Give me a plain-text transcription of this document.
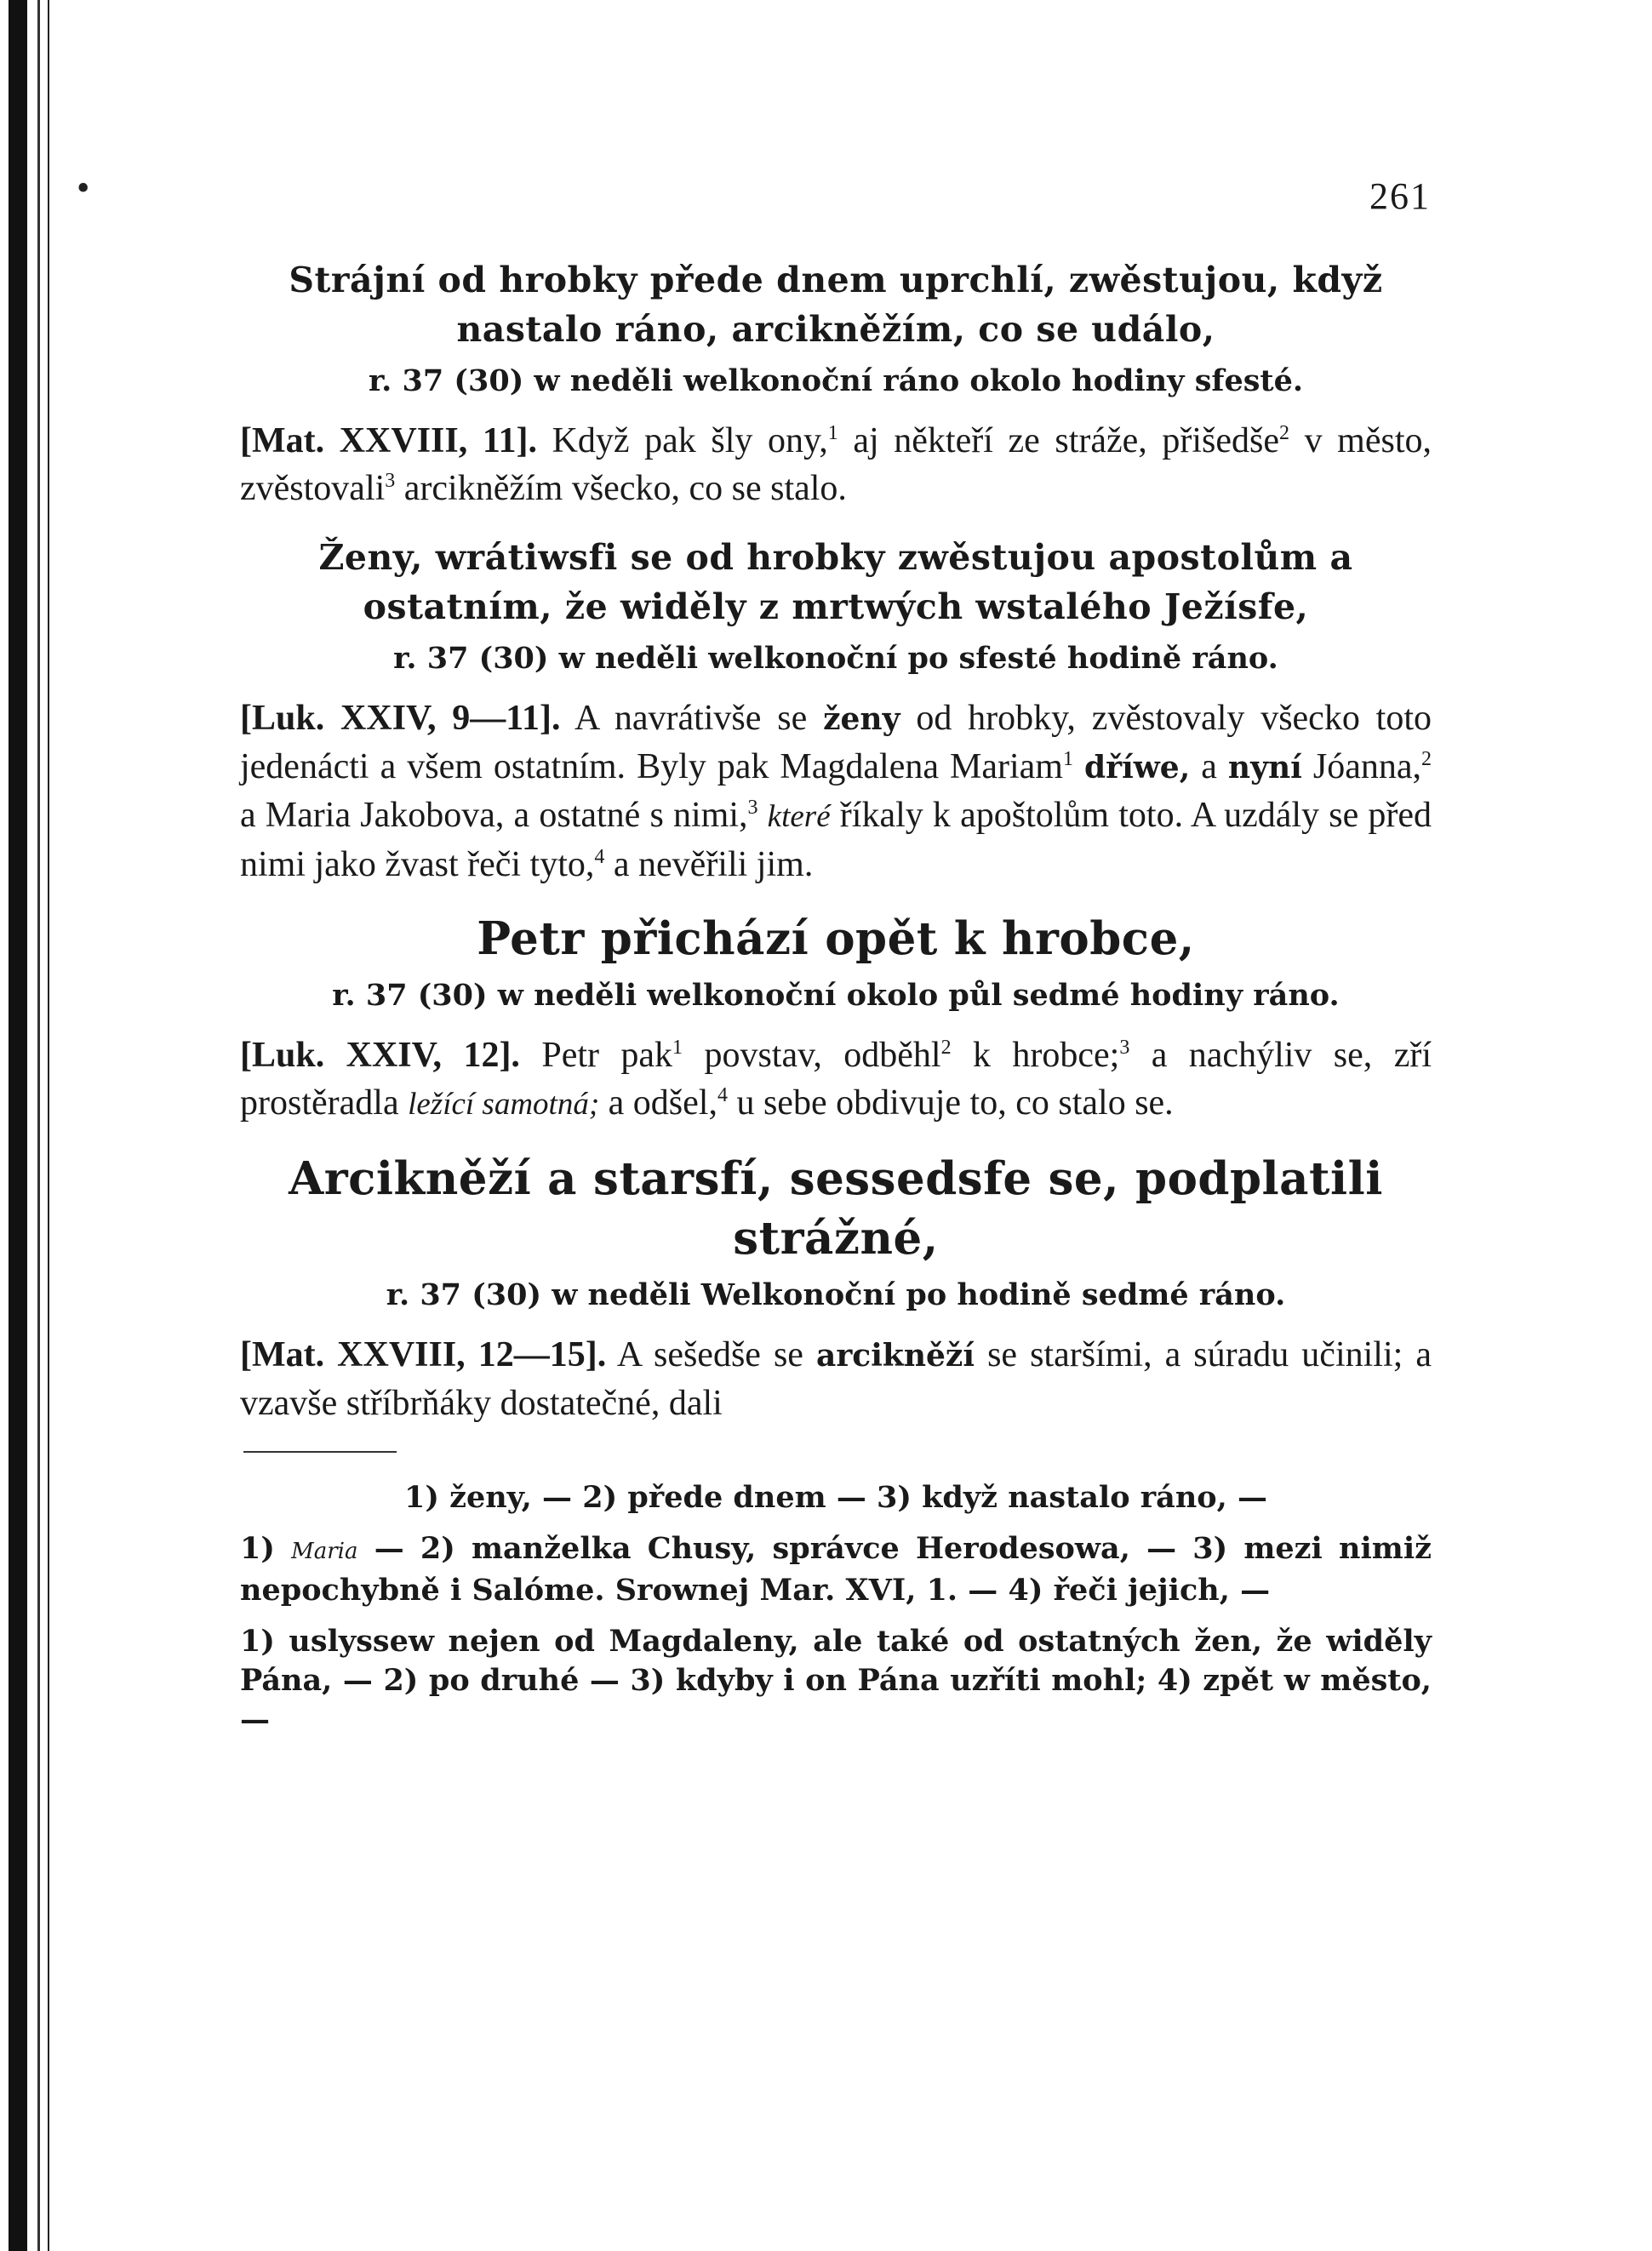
•	261

Strájní od hrobky přede dnem uprchlí, zwěstujou, když nastalo ráno, arcikněžím, co se událo,

r. 37 (30) w neděli welkonoční ráno okolo hodiny sfesté.

[Mat. XXVIII, 11]. Když pak šly ony,$^1$ aj někteří ze stráže, přišedše$^2$ v město, zvěstovali$^3$ arcikněžím všecko, co se stalo.

Ženy, wrátiwsfi se od hrobky zwěstujou apostolům a ostatním, že widěly z mrtwých wstalého Ježísfe,

r. 37 (30) w neděli welkonoční po sfesté hodině ráno.

[Luk. XXIV, 9—11]. A navrátivše se ženy od hrobky, zvěstovaly všecko toto jedenácti a všem ostatním. Byly pak Magdalena Mariam$^1$ dříwe, a nyní Jóanna,$^2$ a Maria Jakobova, a ostatné s nimi,$^3$ které říkaly k apoštolům toto. A uzdály se před nimi jako žvast řeči tyto,$^4$ a nevěřili jim.

Petr přichází opět k hrobce,

r. 37 (30) w neděli welkonoční okolo půl sedmé hodiny ráno.

[Luk. XXIV, 12]. Petr pak$^1$ povstav, odběhl$^2$ k hrobce;$^3$ a nachýliv se, zří prostěradla ležící samotná; a odšel,$^4$ u sebe obdivuje to, co stalo se.

Arcikněží a starsfí, sessedsfe se, podplatili strážné,

r. 37 (30) w neděli Welkonoční po hodině sedmé ráno.

[Mat. XXVIII, 12—15]. A sešedše se arcikněží se staršími, a súradu učinili; a vzavše stříbrňáky dostatečné, dali

1) ženy, — 2) přede dnem — 3) když nastalo ráno, —

1) Maria — 2) manželka Chusy, správce Herodesowa, — 3) mezi nimiž nepochybně i Salóme. Srownej Mar. XVI, 1. — 4) řeči jejich, —

1) uslyssew nejen od Magdaleny, ale také od ostatných žen, že widěly Pána, — 2) po druhé — 3) kdyby i on Pána uzříti mohl; 4) zpět w město, —
